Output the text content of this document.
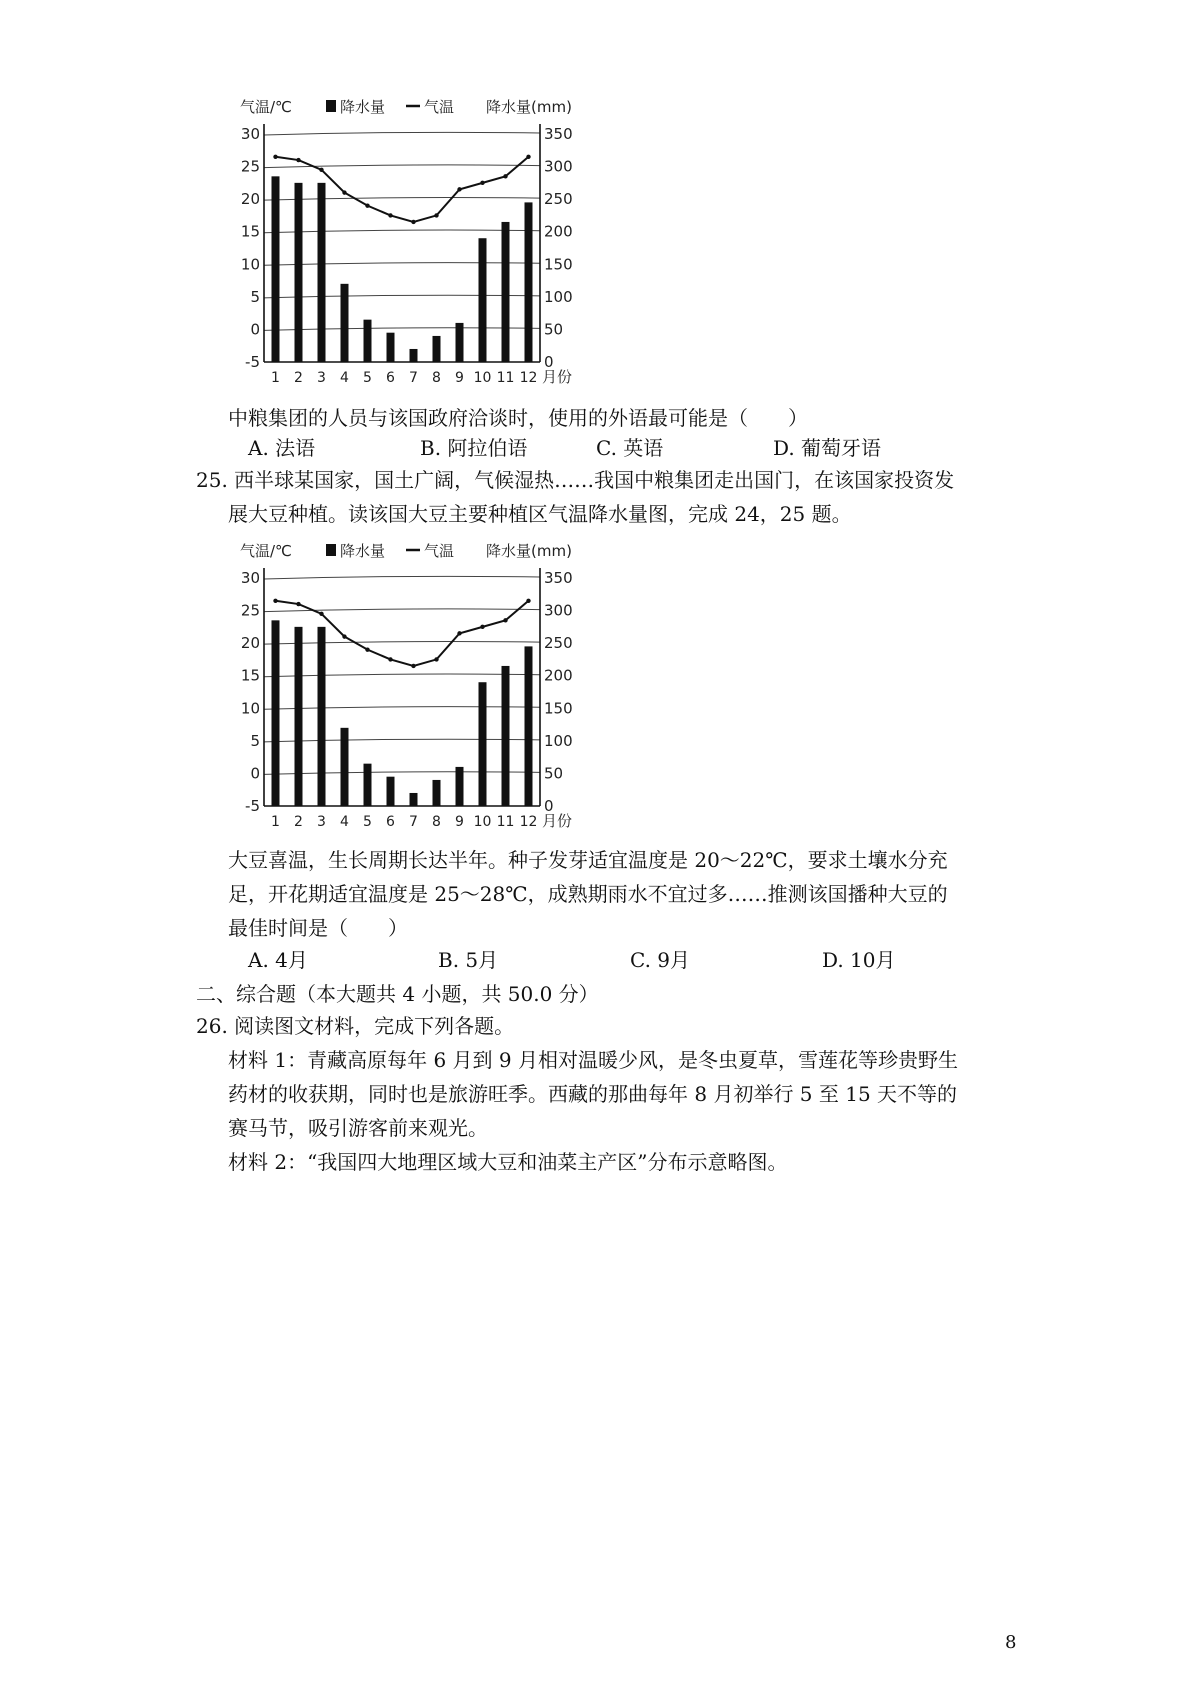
气温/℃	降水量	气温 降水量(mm)
30
25
20
15
10
5
0
-5
350
300
250
200
150
100
50
0
1 2 3 4 5 6 7 8 9 10 11 12 月份
中粮集团的人员与该国政府洽谈时，使用的外语最可能是（　　）
A. 法语	B. 阿拉伯语	C. 英语	D. 葡萄牙语
25. 西半球某国家，国土广阔，气候湿热……我国中粮集团走出国门，在该国家投资发
展大豆种植。读该国大豆主要种植区气温降水量图，完成 24，25 题。
气温/℃	降水量	气温 降水量(mm)
30
25
20
15
10
5
0
-5
350
300
250
200
150
100
50
0
1 2 3 4 5 6 7 8 9 10 11 12 月份
大豆喜温，生长周期长达半年。种子发芽适宜温度是 20～22℃，要求土壤水分充
足，开花期适宜温度是 25～28℃，成熟期雨水不宜过多……推测该国播种大豆的
最佳时间是（　　）
A. 4月	B. 5月	C. 9月	D. 10月
二、综合题（本大题共 4 小题，共 50.0 分）
26. 阅读图文材料，完成下列各题。
材料 1：青藏高原每年 6 月到 9 月相对温暖少风，是冬虫夏草，雪莲花等珍贵野生
药材的收获期，同时也是旅游旺季。西藏的那曲每年 8 月初举行 5 至 15 天不等的
赛马节，吸引游客前来观光。
材料 2：“我国四大地理区域大豆和油菜主产区”分布示意略图。
8
